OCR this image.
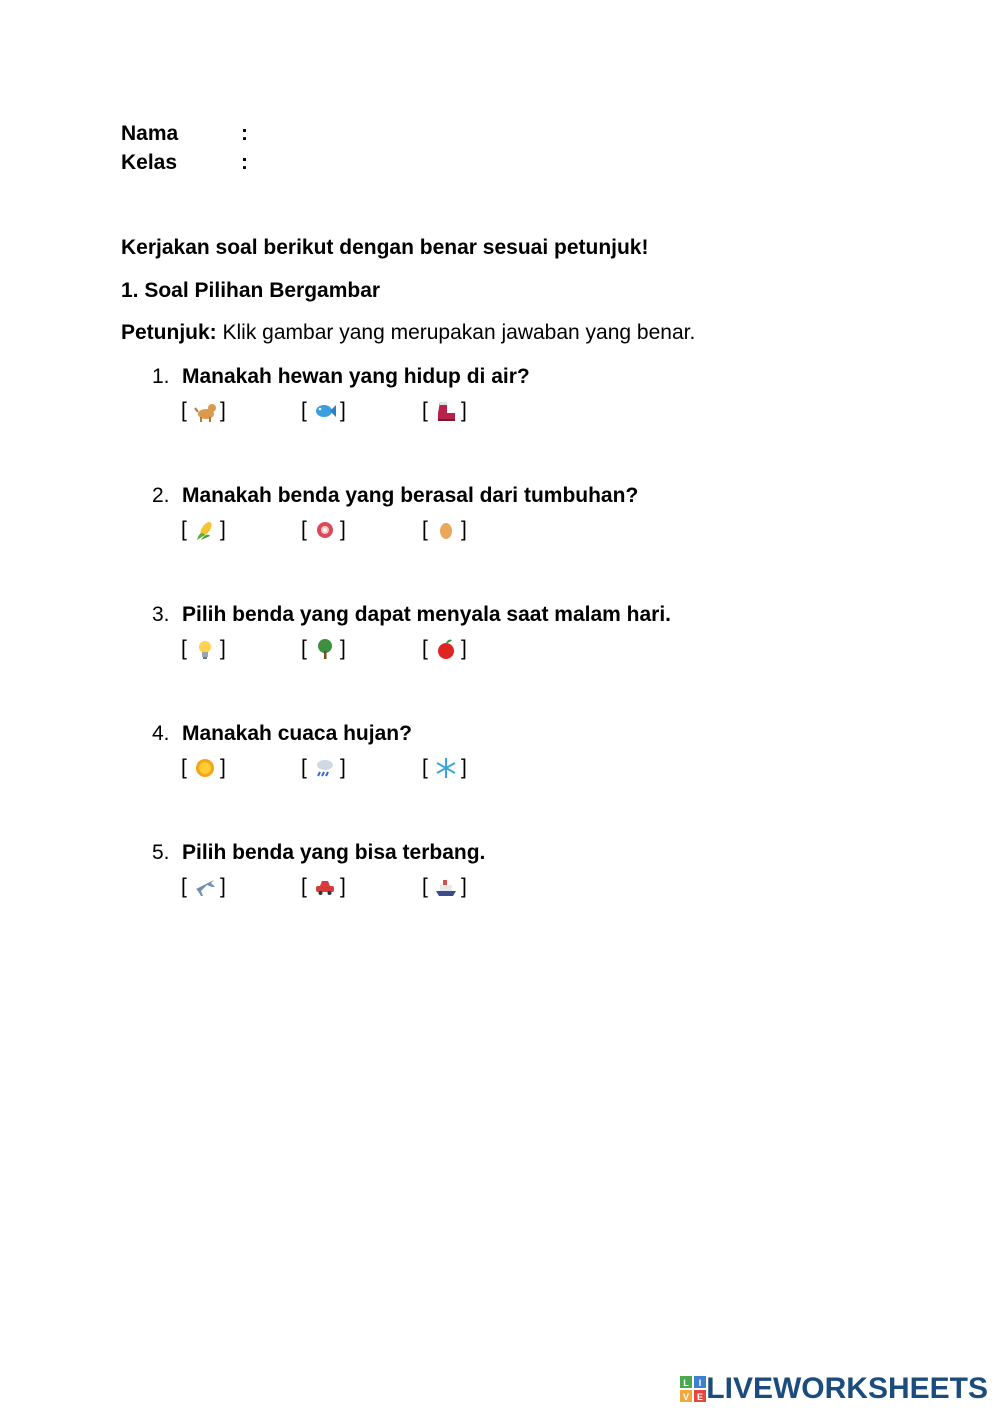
Nama	:
Kelas	:
Kerjakan soal berikut dengan benar sesuai petunjuk!
1. Soal Pilihan Bergambar
Petunjuk: Klik gambar yang merupakan jawaban yang benar.
1. Manakah hewan yang hidup di air?
[ ]	[ ]	[ ]
2. Manakah benda yang berasal dari tumbuhan?
[ ]	[ ]	[ ]
3. Pilih benda yang dapat menyala saat malam hari.
[ ]	[ ]	[ ]
4. Manakah cuaca hujan?
[ ]	[ ]	[ ]
5. Pilih benda yang bisa terbang.
[ ]	[ ]	[ ]
L I
V E LIVEWORKSHEETS
